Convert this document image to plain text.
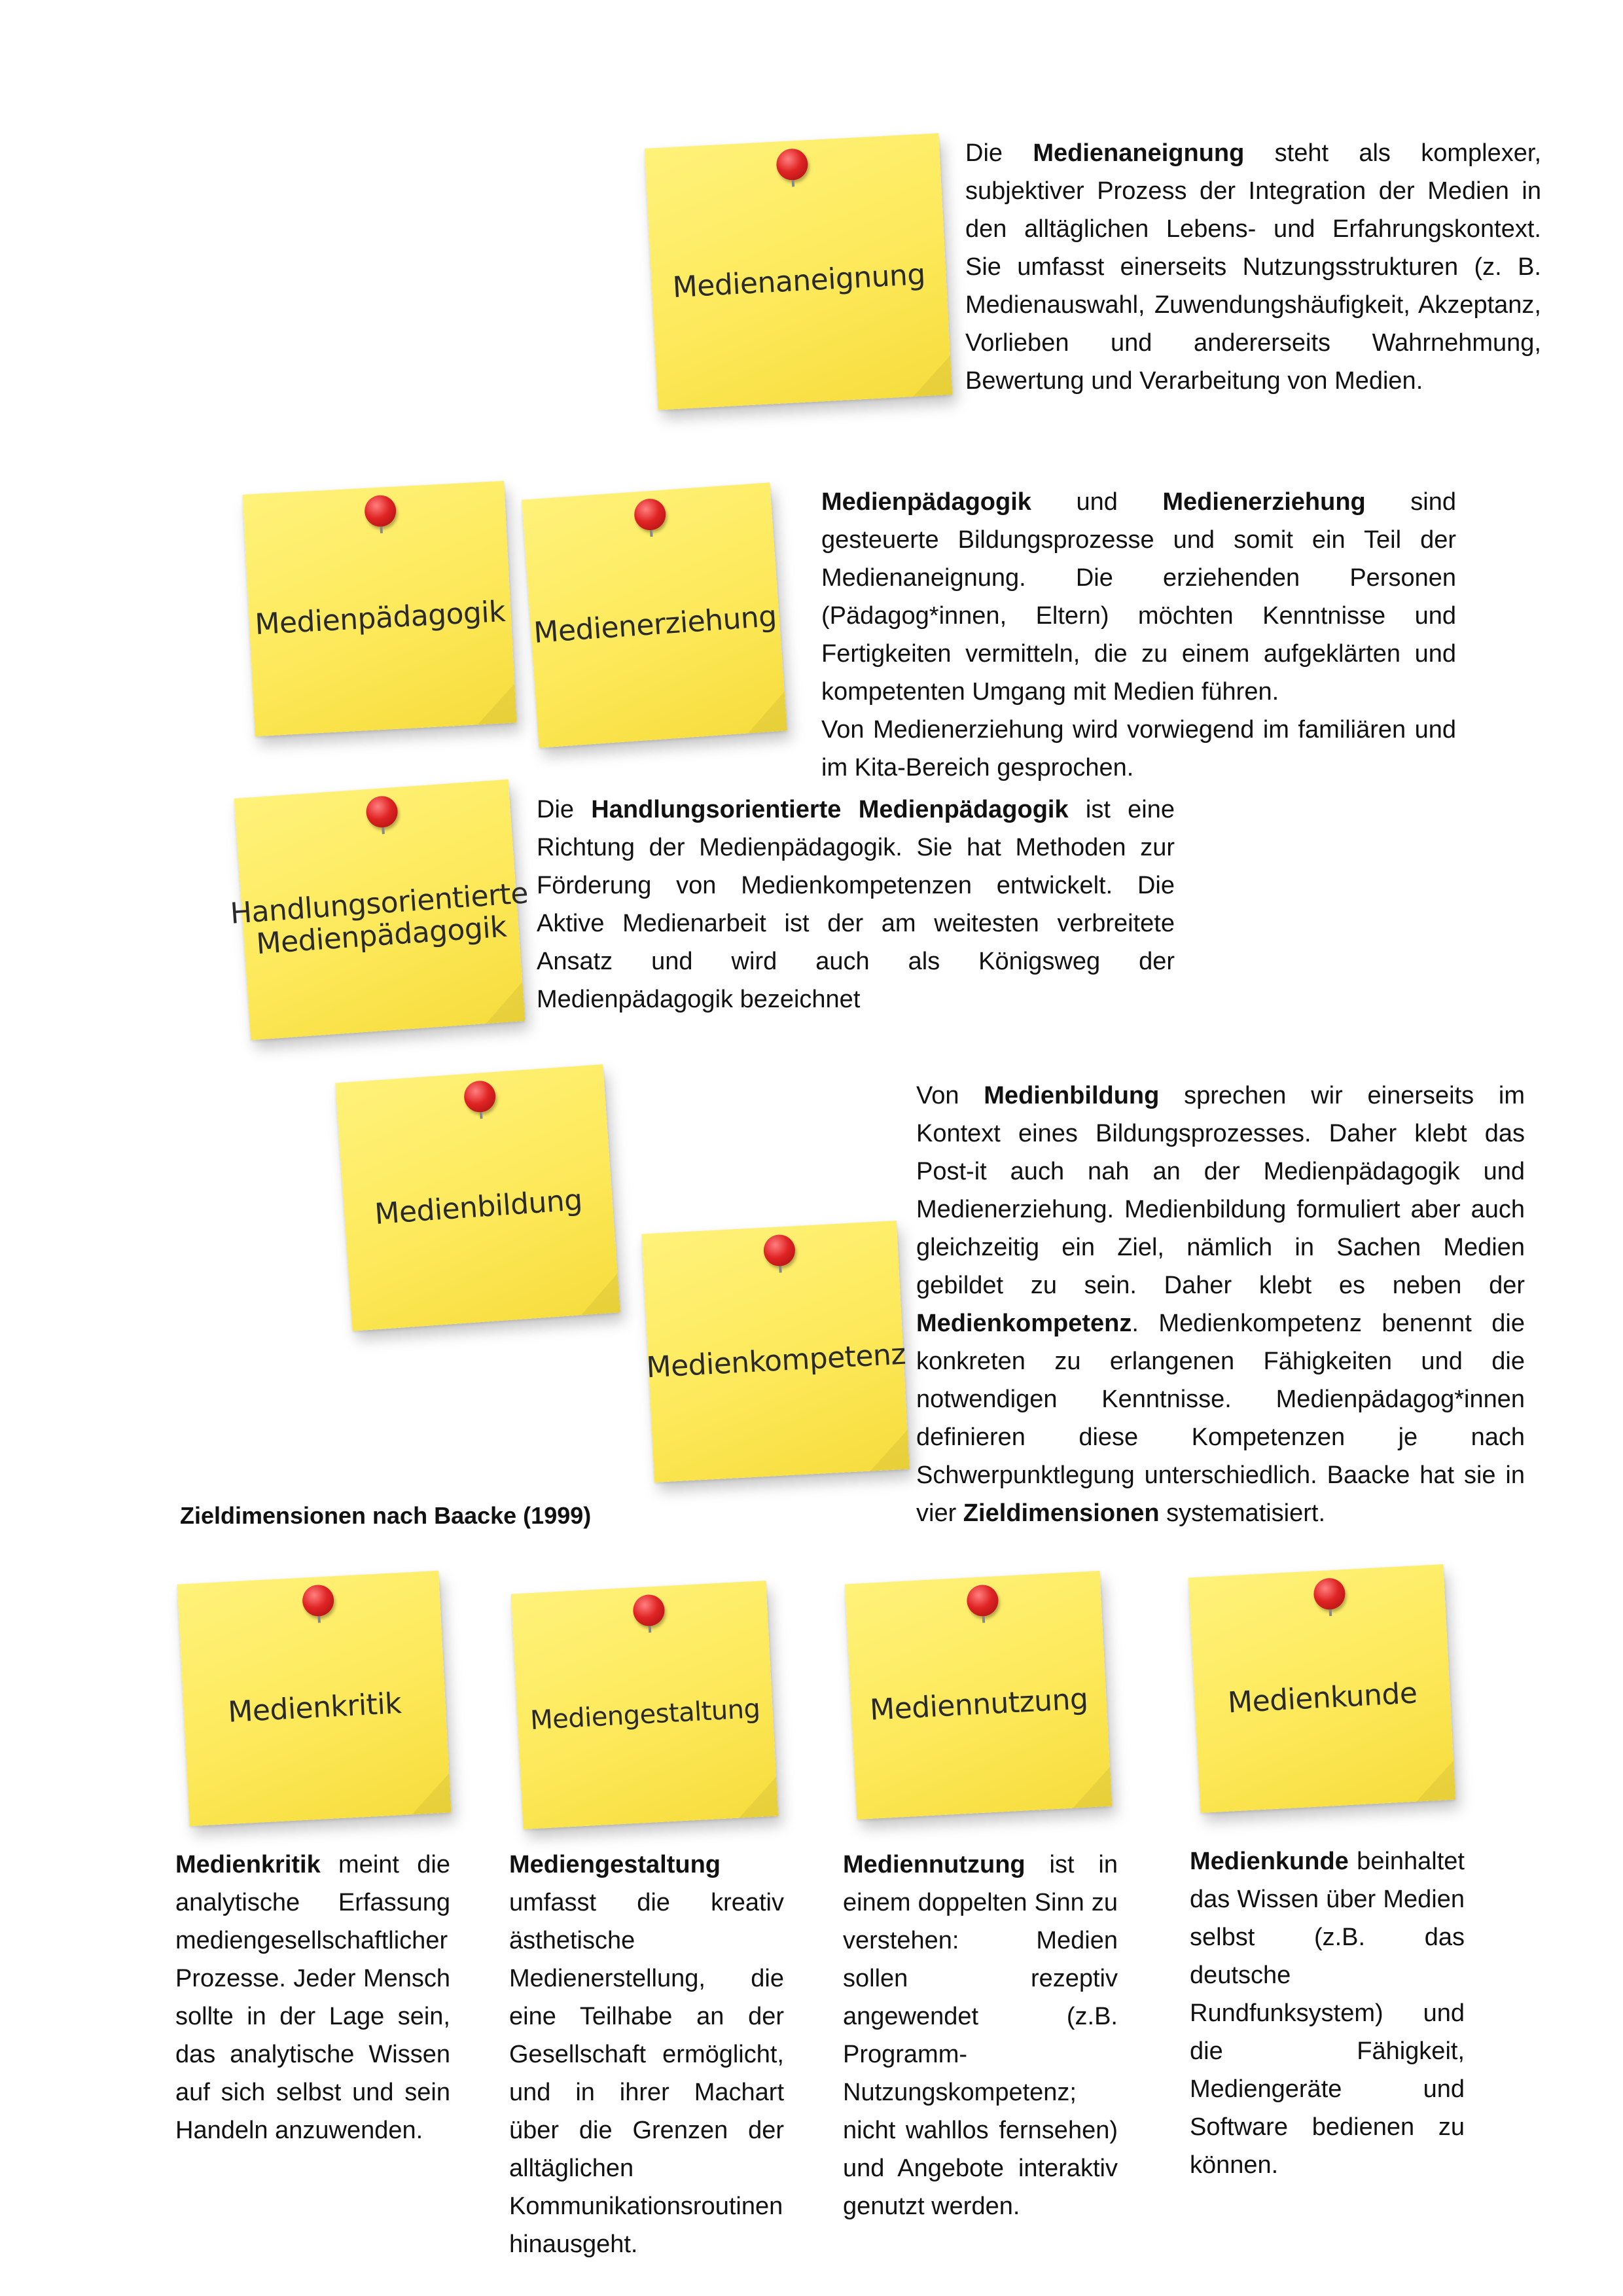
Medienaneignung
Medienpädagogik Medienerziehung
Handlungsorientierte Medienpädagogik
Medienbildung
Medienkompetenz
Medienkritik	Mediengestaltung	Mediennutzung	Medienkunde
Die Medienaneignung steht als komplexer, subjektiver Prozess der Integration der Medien in den alltäglichen Lebens- und Erfahrungskontext. Sie umfasst einerseits Nutzungsstrukturen (z. B. Medienauswahl, Zuwendungshäufigkeit, Akzeptanz, Vorlieben und andererseits Wahrnehmung, Bewertung und Verarbeitung von Medien.
Medienpädagogik und Medienerziehung sind gesteuerte Bildungsprozesse und somit ein Teil der Medienaneignung. Die erziehenden Personen (Pädagog*innen, Eltern) möchten Kenntnisse und Fertigkeiten vermitteln, die zu einem aufgeklärten und kompetenten Umgang mit Medien führen.
Von Medienerziehung wird vorwiegend im familiären und im Kita-Bereich gesprochen.
Die Handlungsorientierte Medienpädagogik ist eine Richtung der Medienpädagogik. Sie hat Methoden zur Förderung von Medienkompetenzen entwickelt. Die Aktive Medienarbeit ist der am weitesten verbreitete Ansatz und wird auch als Königsweg der Medienpädagogik bezeichnet
Von Medienbildung sprechen wir einerseits im Kontext eines Bildungsprozesses. Daher klebt das Post-it auch nah an der Medienpädagogik und Medienerziehung. Medienbildung formuliert aber auch gleichzeitig ein Ziel, nämlich in Sachen Medien gebildet zu sein. Daher klebt es neben der Medienkompetenz. Medienkompetenz benennt die konkreten zu erlangenen Fähigkeiten und die notwendigen Kenntnisse. Medienpädagog*innen definieren diese Kompetenzen je nach Schwerpunktlegung unterschiedlich. Baacke hat sie in vier Zieldimensionen systematisiert.
Zieldimensionen nach Baacke (1999)
Medienkritik meint die analytische Erfassung mediengesellschaftlicher Prozesse. Jeder Mensch sollte in der Lage sein, das analytische Wissen auf sich selbst und sein Handeln anzuwenden.
Mediengestaltung umfasst die kreativ ästhetische Medienerstellung, die eine Teilhabe an der Gesellschaft ermöglicht, und in ihrer Machart über die Grenzen der alltäglichen Kommunikationsroutinen hinausgeht.
Mediennutzung ist in einem doppelten Sinn zu verstehen: Medien sollen rezeptiv angewendet (z.B. Programm-Nutzungskompetenz; nicht wahllos fernsehen) und Angebote interaktiv genutzt werden.
Medienkunde beinhaltet das Wissen über Medien selbst (z.B. das deutsche Rundfunksystem) und die Fähigkeit, Mediengeräte und Software bedienen zu können.
